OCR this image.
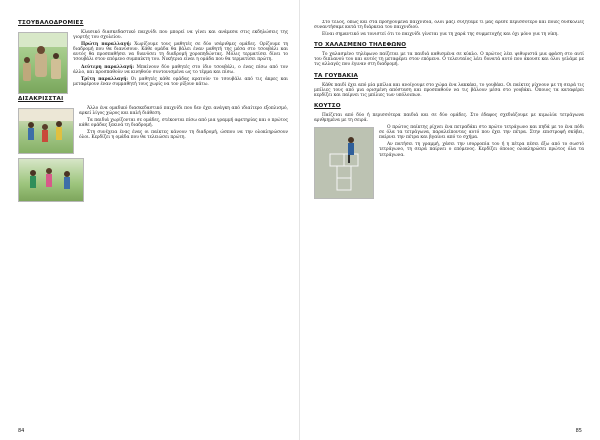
ΤΣΟΥΒΑΛΟΔΡΟΜΙΕΣ

Κλασικό διασκεδαστικό παιχνίδι που μπορεί να γίνει και ανάμεσα στις εκδηλώσεις της γιορτής του σχολείου.

Πρώτη παραλλαγή: Χωρίζουμε τους μαθητές σε δύο ισάριθμες ομάδες. Ορίζουμε τη διαδρομή που θα διανύσουν. Κάθε ομάδα θα βάλει έναν μαθητή της μέσα στο τσουβάλι και αυτός θα προσπαθήσει να διανύσει τη διαδρομή χοροπηδώντας. Μόλις τερματίσει δίνει το τσουβάλι στον επόμενο συμπαίκτη του. Νικήτρια είναι η ομάδα που θα τερματίσει πρώτη.

Δεύτερη παραλλαγή: Μπαίνουν δύο μαθητές στο ίδιο τσουβάλι, ο ένας πίσω από τον άλλο, και προσπαθούν να κινηθούν συντονισμένα ως το τέρμα και πίσω.

Τρίτη παραλλαγή: Οι μαθητές κάθε ομάδας κρατούν το τσουβάλι από τις άκρες και μεταφέρουν έναν συμμαθητή τους χωρίς να τον ρίξουν κάτω.

ΔΙΣΑΚΡΙΣΣΤΑΙ

Άλλο ένα ομαδικό διασκεδαστικό παιχνίδι που δεν έχει ανάγκη από ιδιαίτερο εξοπλισμό, αρκεί λίγος χώρος και καλή διάθεση.

Τα παιδιά χωρίζονται σε ομάδες, στέκονται πίσω από μια γραμμή αφετηρίας και ο πρώτος κάθε ομάδας ξεκινά τη διαδρομή.

Στη συνέχεια ένας ένας οι παίκτες κάνουν τη διαδρομή, ώσπου να την ολοκληρώσουν όλοι. Κερδίζει η ομάδα που θα τελειώσει πρώτη.

84

Στο τέλος, όπως και στα προηγούμενα παιχνίδια, όλοι μαζί συζητάμε τι μας άρεσε περισσότερο και ποιες δυσκολίες συναντήσαμε κατά τη διάρκεια του παιχνιδιού.

Είναι σημαντικό να τονιστεί ότι το παιχνίδι γίνεται για τη χαρά της συμμετοχής και όχι μόνο για τη νίκη.

ΤΟ ΧΑΛΑΣΜΕΝΟ ΤΗΛΕΦΩΝΟ

Το χαλασμένο τηλέφωνο παίζεται με τα παιδιά καθισμένα σε κύκλο. Ο πρώτος λέει ψιθυριστά μια φράση στο αυτί του διπλανού του και αυτός τη μεταφέρει στον επόμενο. Ο τελευταίος λέει δυνατά αυτό που άκουσε και όλοι γελάμε με τις αλλαγές που έγιναν στη διαδρομή.

ΤΑ ΓΟΥΒΑΚΙΑ

Κάθε παιδί έχει από μία μπίλια και ανοίγουμε στο χώμα ένα λακκάκι, το γουβάκι. Οι παίκτες ρίχνουν με τη σειρά τις μπίλιες τους από μια ορισμένη απόσταση και προσπαθούν να τις βάλουν μέσα στο γουβάκι. Όποιος τα καταφέρει κερδίζει και παίρνει τις μπίλιες των υπόλοιπων.

ΚΟΥΤΣΟ

Παίζεται από δύο ή περισσότερα παιδιά και σε δύο ομάδες. Στο έδαφος σχεδιάζουμε με κιμωλία τετράγωνα αριθμημένα με τη σειρά.

Ο πρώτος παίκτης ρίχνει ένα πετραδάκι στο πρώτο τετράγωνο και πηδά με το ένα πόδι σε όλα τα τετράγωνα, παραλείποντας αυτό που έχει την πέτρα. Στην επιστροφή σκύβει, παίρνει την πέτρα και βγαίνει από το σχήμα.

Αν πατήσει τη γραμμή, χάσει την ισορροπία του ή η πέτρα πέσει έξω από το σωστό τετράγωνο, τη σειρά παίρνει ο επόμενος. Κερδίζει όποιος ολοκληρώσει πρώτος όλα τα τετράγωνα.

85
